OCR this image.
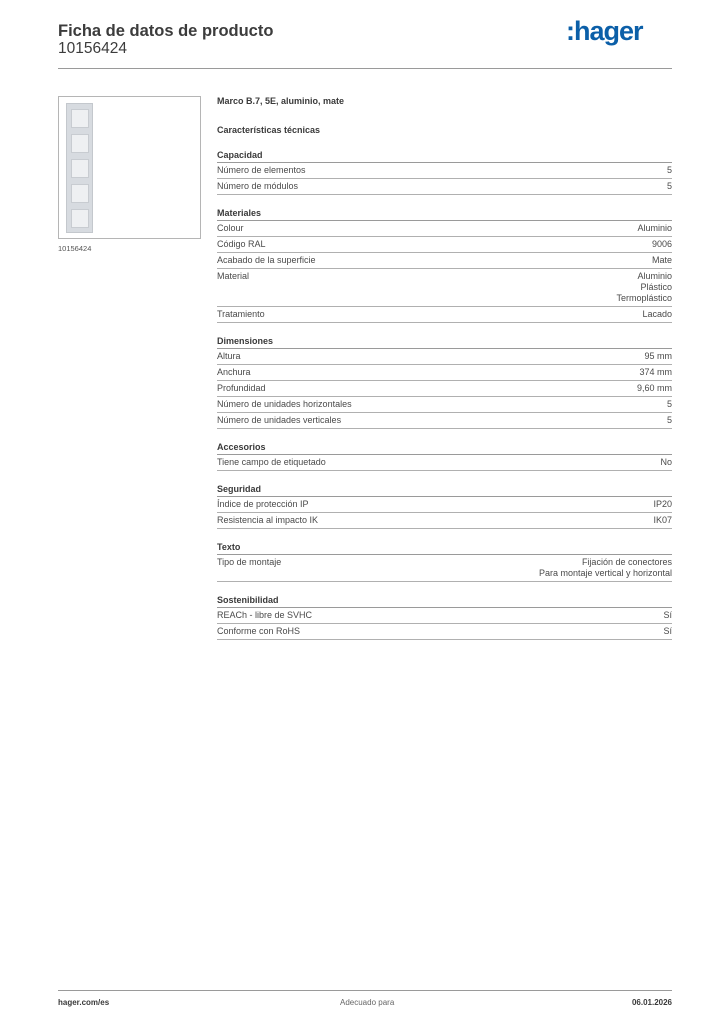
Ficha de datos de producto
10156424
:hager
10156424
Marco B.7, 5E, aluminio, mate
Características técnicas
Capacidad
Número de elementos	5
Número de módulos	5
Materiales
Colour	Aluminio
Código RAL	9006
Acabado de la superficie	Mate
Material	Aluminio
Plástico
Termoplástico
Tratamiento	Lacado
Dimensiones
Altura	95 mm
Anchura	374 mm
Profundidad	9,60 mm
Número de unidades horizontales	5
Número de unidades verticales	5
Accesorios
Tiene campo de etiquetado	No
Seguridad
Índice de protección IP	IP20
Resistencia al impacto IK	IK07
Texto
Tipo de montaje	Fijación de conectores
Para montaje vertical y horizontal
Sostenibilidad
REACh - libre de SVHC	Sí
Conforme con RoHS	Sí
hager.com/es	Adecuado para	06.01.2026
